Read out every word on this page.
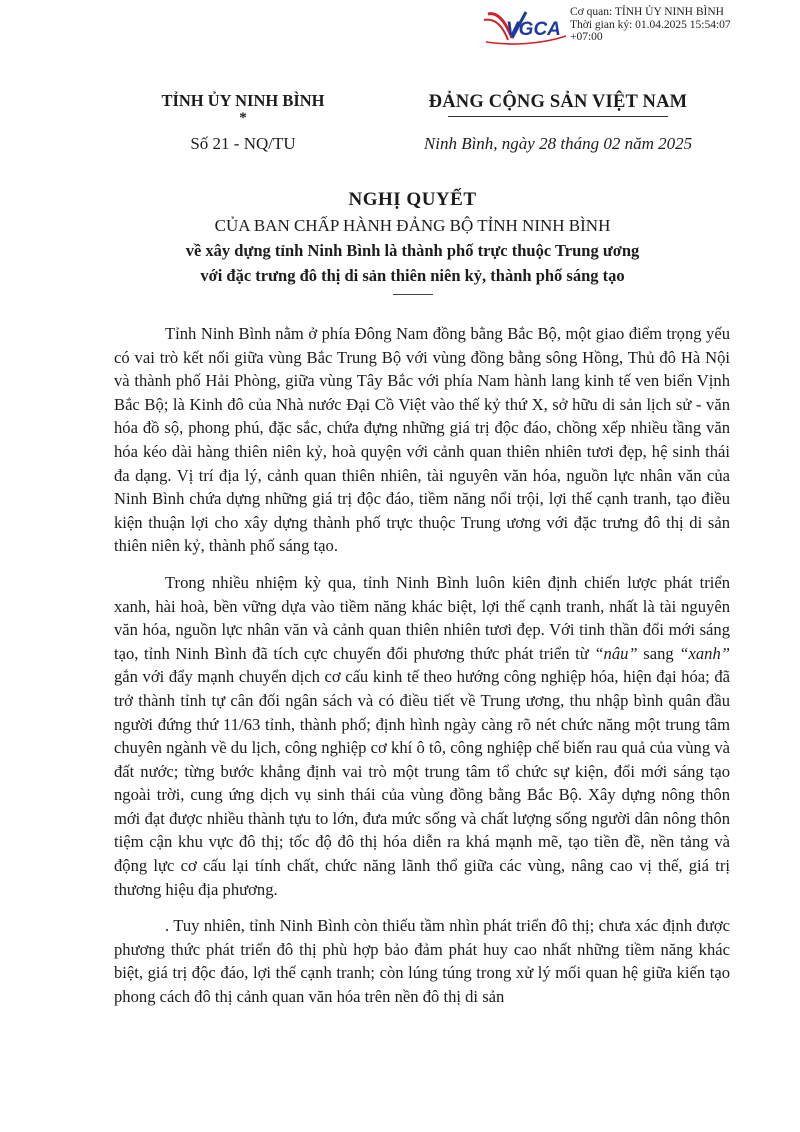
VGCA
Cơ quan: TỈNH ỦY NINH BÌNH
Thời gian ký: 01.04.2025 15:54:07
+07:00
TỈNH ỦY NINH BÌNH
*
Số 21 - NQ/TU
ĐẢNG CỘNG SẢN VIỆT NAM
Ninh Bình, ngày 28 tháng 02 năm 2025
NGHỊ QUYẾT
CỦA BAN CHẤP HÀNH ĐẢNG BỘ TỈNH NINH BÌNH
về xây dựng tỉnh Ninh Bình là thành phố trực thuộc Trung ương
với đặc trưng đô thị di sản thiên niên kỷ, thành phố sáng tạo

Tỉnh Ninh Bình nằm ở phía Đông Nam đồng bằng Bắc Bộ, một giao điểm trọng yếu có vai trò kết nối giữa vùng Bắc Trung Bộ với vùng đồng bằng sông Hồng, Thủ đô Hà Nội và thành phố Hải Phòng, giữa vùng Tây Bắc với phía Nam hành lang kinh tế ven biển Vịnh Bắc Bộ; là Kinh đô của Nhà nước Đại Cồ Việt vào thế kỷ thứ X, sở hữu di sản lịch sử - văn hóa đồ sộ, phong phú, đặc sắc, chứa đựng những giá trị độc đáo, chồng xếp nhiều tầng văn hóa kéo dài hàng thiên niên kỷ, hoà quyện với cảnh quan thiên nhiên tươi đẹp, hệ sinh thái đa dạng. Vị trí địa lý, cảnh quan thiên nhiên, tài nguyên văn hóa, nguồn lực nhân văn của Ninh Bình chứa dựng những giá trị độc đáo, tiềm năng nổi trội, lợi thế cạnh tranh, tạo điều kiện thuận lợi cho xây dựng thành phố trực thuộc Trung ương với đặc trưng đô thị di sản thiên niên kỷ, thành phố sáng tạo.

Trong nhiều nhiệm kỳ qua, tỉnh Ninh Bình luôn kiên định chiến lược phát triển xanh, hài hoà, bền vững dựa vào tiềm năng khác biệt, lợi thế cạnh tranh, nhất là tài nguyên văn hóa, nguồn lực nhân văn và cảnh quan thiên nhiên tươi đẹp. Với tinh thần đổi mới sáng tạo, tỉnh Ninh Bình đã tích cực chuyển đổi phương thức phát triển từ “nâu” sang “xanh” gắn với đẩy mạnh chuyển dịch cơ cấu kinh tế theo hướng công nghiệp hóa, hiện đại hóa; đã trở thành tỉnh tự cân đối ngân sách và có điều tiết về Trung ương, thu nhập bình quân đầu người đứng thứ 11/63 tỉnh, thành phố; định hình ngày càng rõ nét chức năng một trung tâm chuyên ngành về du lịch, công nghiệp cơ khí ô tô, công nghiệp chế biến rau quả của vùng và đất nước; từng bước khẳng định vai trò một trung tâm tổ chức sự kiện, đổi mới sáng tạo ngoài trời, cung ứng dịch vụ sinh thái của vùng đồng bằng Bắc Bộ. Xây dựng nông thôn mới đạt được nhiều thành tựu to lớn, đưa mức sống và chất lượng sống người dân nông thôn tiệm cận khu vực đô thị; tốc độ đô thị hóa diễn ra khá mạnh mẽ, tạo tiền đề, nền tảng và động lực cơ cấu lại tính chất, chức năng lãnh thổ giữa các vùng, nâng cao vị thế, giá trị thương hiệu địa phương.

. Tuy nhiên, tỉnh Ninh Bình còn thiếu tầm nhìn phát triển đô thị; chưa xác định được phương thức phát triển đô thị phù hợp bảo đảm phát huy cao nhất những tiềm năng khác biệt, giá trị độc đáo, lợi thế cạnh tranh; còn lúng túng trong xử lý mối quan hệ giữa kiến tạo phong cách đô thị cảnh quan văn hóa trên nền đô thị di sản
